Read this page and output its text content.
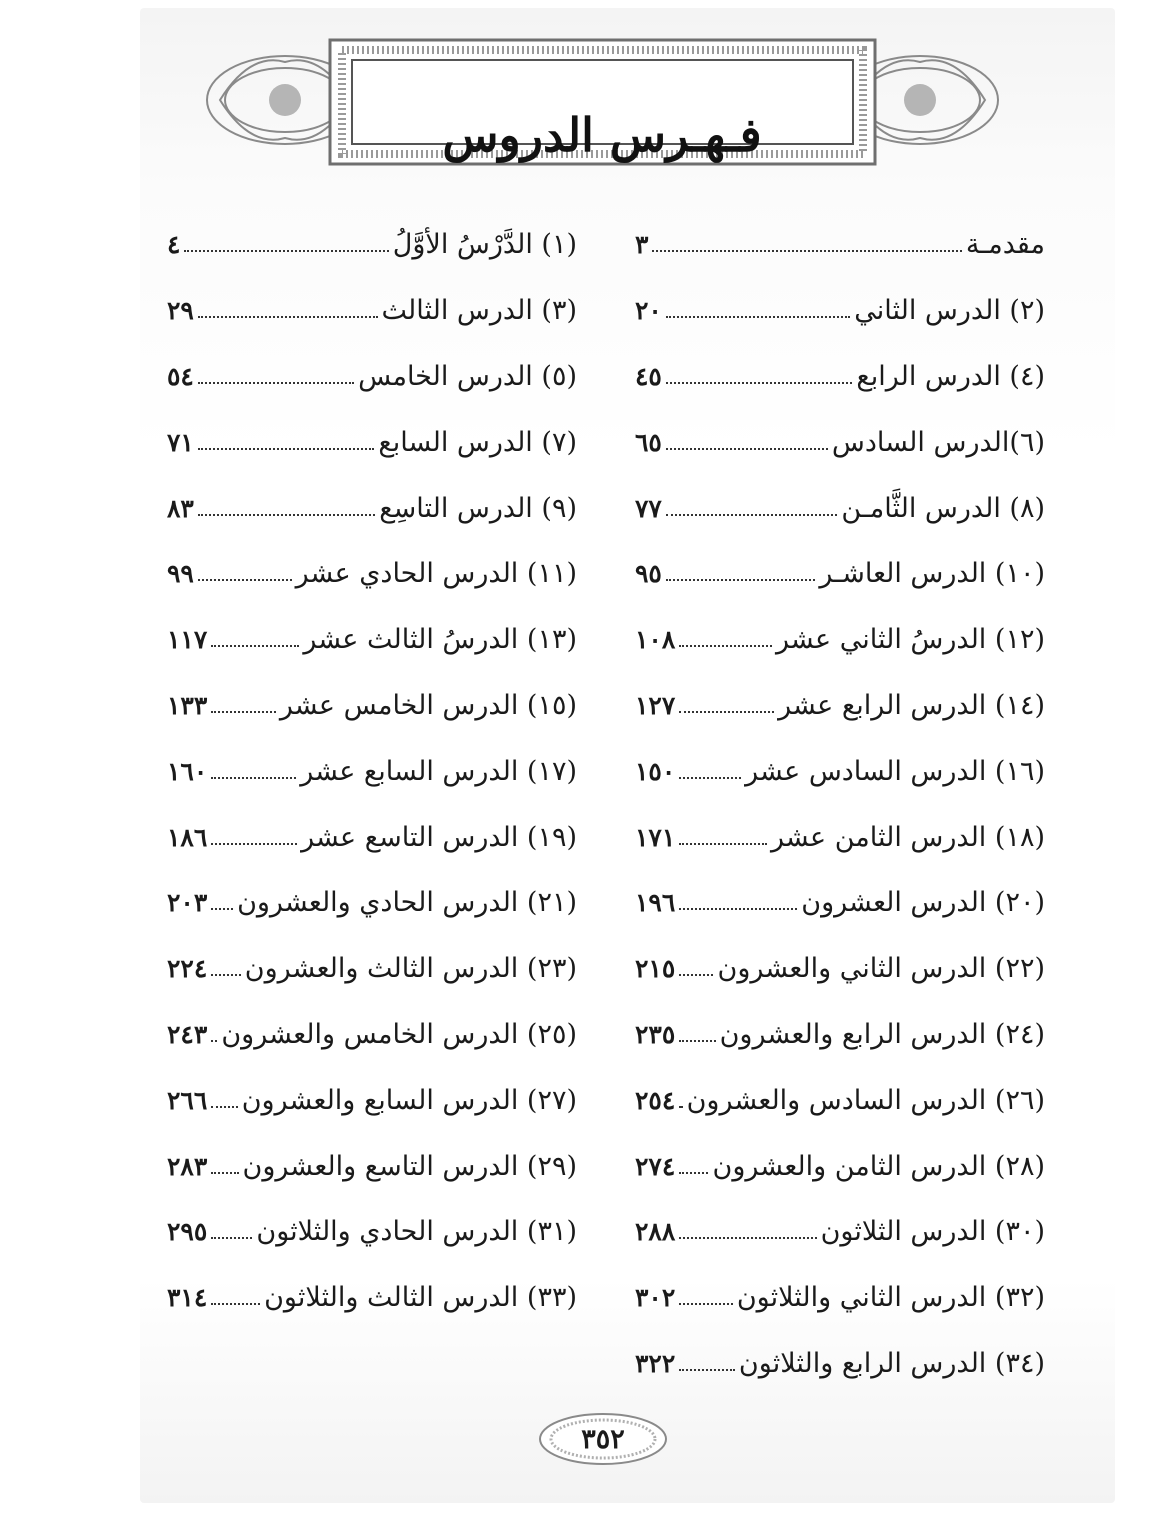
فـهـرس الدروس
مقدمـة
٣
(١) الدَّرْسُ الأوَّلُ
٤
(٢) الدرس الثاني
٢٠
(٣) الدرس الثالث
٢٩
(٤) الدرس الرابع
٤٥
(٥) الدرس الخامس
٥٤
(٦)الدرس السادس
٦٥
(٧) الدرس السابع
٧١
(٨) الدرس الثَّامـن
٧٧
(٩) الدرس التاسِع
٨٣
(١٠) الدرس العاشـر
٩٥
(١١) الدرس الحادي عشر
٩٩
(١٢) الدرسُ الثاني عشر
١٠٨
(١٣) الدرسُ الثالث عشر
١١٧
(١٤) الدرس الرابع عشر
١٢٧
(١٥) الدرس الخامس عشر
١٣٣
(١٦) الدرس السادس عشر
١٥٠
(١٧) الدرس السابع عشر
١٦٠
(١٨) الدرس الثامن عشر
١٧١
(١٩) الدرس التاسع عشر
١٨٦
(٢٠) الدرس العشرون
١٩٦
(٢١) الدرس الحادي والعشرون
٢٠٣
(٢٢) الدرس الثاني والعشرون
٢١٥
(٢٣) الدرس الثالث والعشرون
٢٢٤
(٢٤) الدرس الرابع والعشرون
٢٣٥
(٢٥) الدرس الخامس والعشرون
٢٤٣
(٢٦) الدرس السادس والعشرون
٢٥٤
(٢٧) الدرس السابع والعشرون
٢٦٦
(٢٨) الدرس الثامن والعشرون
٢٧٤
(٢٩) الدرس التاسع والعشرون
٢٨٣
(٣٠) الدرس الثلاثون
٢٨٨
(٣١) الدرس الحادي والثلاثون
٢٩٥
(٣٢) الدرس الثاني والثلاثون
٣٠٢
(٣٣) الدرس الثالث والثلاثون
٣١٤
(٣٤) الدرس الرابع والثلاثون
٣٢٢
٣٥٢
